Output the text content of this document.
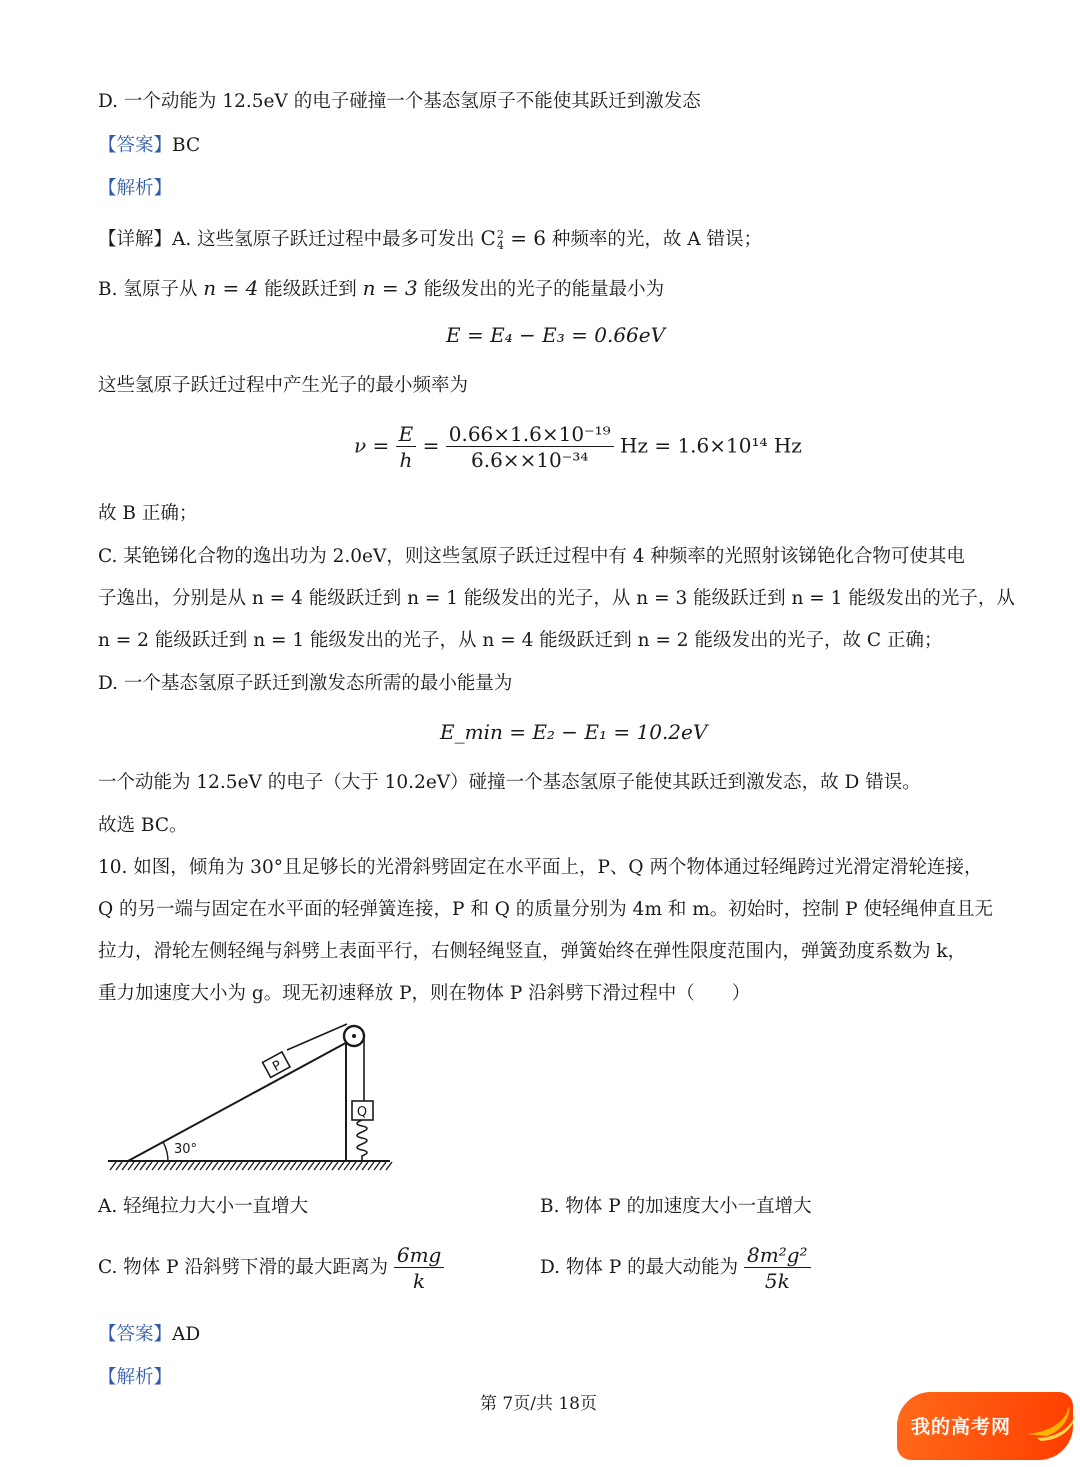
D. 一个动能为 12.5eV 的电子碰撞一个基态氢原子不能使其跃迁到激发态
【答案】BC
【解析】
【详解】A. 这些氢原子跃迁过程中最多可发出 C 2
4 = 6 种频率的光，故 A 错误；
B. 氢原子从 n = 4 能级跃迁到 n = 3 能级发出的光子的能量最小为
E = E₄ − E₃ = 0.66eV
这些氢原子跃迁过程中产生光子的最小频率为
$\nu = \frac{E}{h} = \frac{\text{0.66×1.6×10⁻¹⁹}}{\text{6.6××10⁻³⁴}}$ Hz = 1.6×10¹⁴ Hz
故 B 正确；
C. 某铯锑化合物的逸出功为 2.0eV，则这些氢原子跃迁过程中有 4 种频率的光照射该锑铯化合物可使其电
子逸出，分别是从 n = 4 能级跃迁到 n = 1 能级发出的光子，从 n = 3 能级跃迁到 n = 1 能级发出的光子，从
n = 2 能级跃迁到 n = 1 能级发出的光子，从 n = 4 能级跃迁到 n = 2 能级发出的光子，故 C 正确；
D. 一个基态氢原子跃迁到激发态所需的最小能量为
E_min = E₂ − E₁ = 10.2eV
一个动能为 12.5eV 的电子（大于 10.2eV）碰撞一个基态氢原子能使其跃迁到激发态，故 D 错误。
故选 BC。
10. 如图，倾角为 30°且足够长的光滑斜劈固定在水平面上，P、Q 两个物体通过轻绳跨过光滑定滑轮连接，
Q 的另一端与固定在水平面的轻弹簧连接，P 和 Q 的质量分别为 4m 和 m。初始时，控制 P 使轻绳伸直且无
拉力，滑轮左侧轻绳与斜劈上表面平行，右侧轻绳竖直，弹簧始终在弹性限度范围内，弹簧劲度系数为 k，
重力加速度大小为 g。现无初速释放 P，则在物体 P 沿斜劈下滑过程中（　　）
30°
P
Q
A. 轻绳拉力大小一直增大	B. 物体 P 的加速度大小一直增大
C. 物体 P 沿斜劈下滑的最大距离为 $\frac{6mg}{k}$	D. 物体 P 的最大动能为 $\frac{\text{8m²g²}}{5k}$
【答案】AD
【解析】
第 7页/共 18页
我的高考网
